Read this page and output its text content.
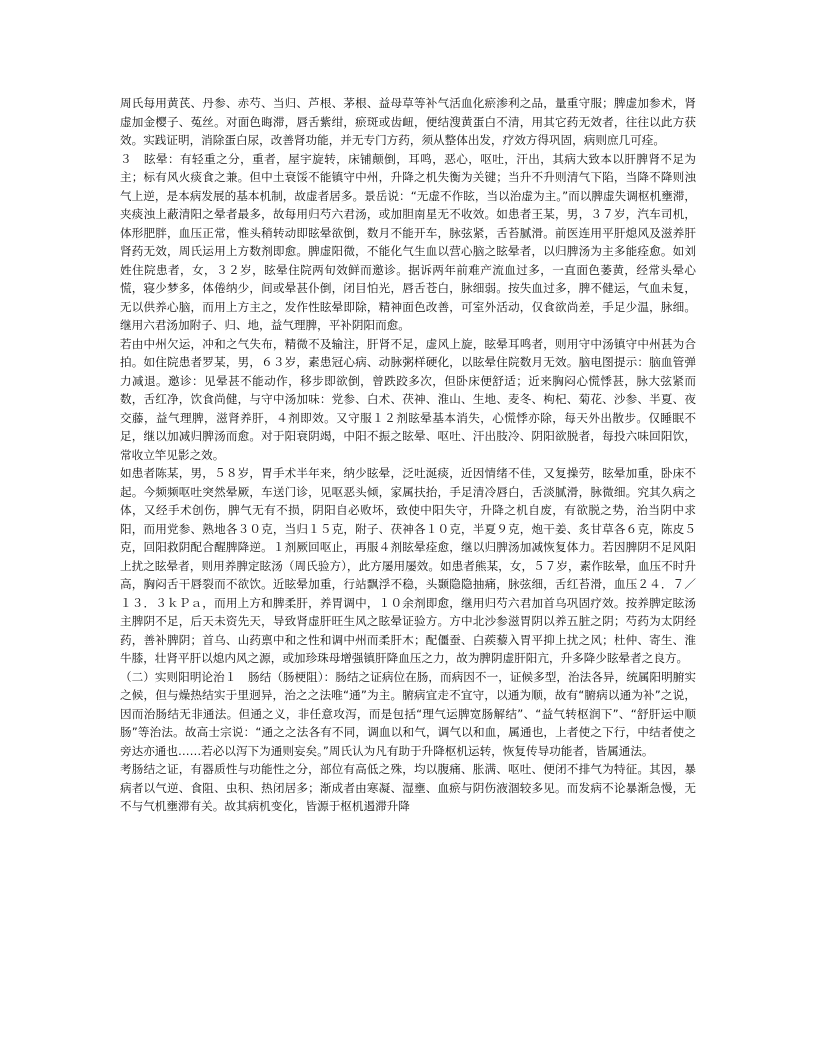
周氏每用黄芪、丹参、赤芍、当归、芦根、茅根、益母草等补气活血化瘀渗利之品，量重守服；脾虚加参术，肾虚加金樱子、菟丝。对面色晦滞，唇舌紫绀，瘀斑或齿衄，便结溲黄蛋白不清，用其它药无效者，往往以此方获效。实践证明，消除蛋白尿，改善肾功能，并无专门方药，须从整体出发，疗效方得巩固，病则庶几可痊。

３　眩晕：有轻重之分，重者，屋宇旋转，床铺颠倒，耳鸣，恶心，呕吐，汗出，其病大致本以肝脾肾不足为主；标有风火痰食之兼。但中土衰馁不能镇守中州，升降之机失衡为关键；当升不升则清气下陷，当降不降则浊气上逆，是本病发展的基本机制，故虚者居多。景岳说：“无虚不作眩，当以治虚为主。”而以脾虚失调枢机壅滞，夹痰浊上蔽清阳之晕者最多，故每用归芍六君汤，或加胆南星无不收效。如患者王某，男，３７岁，汽车司机，体形肥胖，血压正常，惟头稍转动即眩晕欲倒，数月不能开车，脉弦紧，舌苔腻滑。前医连用平肝熄风及滋养肝肾药无效，周氏运用上方数剂即愈。脾虚阳微，不能化气生血以营心脑之眩晕者，以归脾汤为主多能痊愈。如刘姓住院患者，女，３２岁，眩晕住院两旬效鲜而邀诊。据诉两年前难产流血过多，一直面色萎黄，经常头晕心慌，寝少梦多，体倦纳少，间或晕甚仆倒，闭目怕光，唇舌苍白，脉细弱。按失血过多，脾不健运，气血未复，无以供养心脑，而用上方主之，发作性眩晕即除，精神面色改善，可室外活动，仅食欲尚差，手足少温，脉细。继用六君汤加附子、归、地，益气理脾，平补阴阳而愈。

若由中州欠运，冲和之气失布，精微不及输注，肝肾不足，虚风上旋，眩晕耳鸣者，则用守中汤镇守中州甚为合拍。如住院患者罗某，男，６３岁，素患冠心病、动脉粥样硬化，以眩晕住院数月无效。脑电图提示：脑血管弹力减退。邀诊：见晕甚不能动作，移步即欲倒，曾跌跤多次，但卧床便舒适；近来胸闷心慌悸甚，脉大弦紧而数，舌红净，饮食尚健，与守中汤加味：党参、白术、茯神、淮山、生地、麦冬、枸杞、菊花、沙参、半夏、夜交藤，益气理脾，滋肾养肝，４剂即效。又守服１２剂眩晕基本消失，心慌悸亦除，每天外出散步。仅睡眠不足，继以加减归脾汤而愈。对于阳衰阴竭，中阳不振之眩晕、呕吐、汗出肢冷、阴阳欲脱者，每投六味回阳饮，常收立竿见影之效。

如患者陈某，男，５８岁，胃手术半年来，纳少眩晕，泛吐涎痰，近因情绪不佳，又复操劳，眩晕加重，卧床不起。今频频呕吐突然晕厥，车送门诊，见呕恶头倾，家属扶抬，手足清冷唇白，舌淡腻滑，脉微细。究其久病之体，又经手术创伤，脾气无有不损，阴阳自必败坏，致使中阳失守，升降之机自废，有欲脱之势，治当阴中求阳，而用党参、熟地各３０克，当归１５克，附子、茯神各１０克，半夏９克，炮干姜、炙甘草各６克，陈皮５克，回阳救阴配合醒脾降逆。１剂厥回呕止，再服４剂眩晕痊愈，继以归脾汤加减恢复体力。若因脾阴不足风阳上扰之眩晕者，则用养脾定眩汤（周氏验方），此方屡用屡效。如患者熊某，女，５７岁，素作眩晕，血压不时升高，胸闷舌干唇裂而不欲饮。近眩晕加重，行站飘浮不稳，头颞隐隐抽痛，脉弦细，舌红苔滑，血压２４．７／１３．３ｋＰａ，而用上方和脾柔肝，养胃调中，１０余剂即愈，继用归芍六君加首乌巩固疗效。按养脾定眩汤主脾阴不足，后天未资先天，导致肾虚肝旺生风之眩晕证验方。方中北沙参滋胃阴以养五脏之阴；芍药为太阴经药，善补脾阴；首乌、山药禀中和之性和调中州而柔肝木；配僵蚕、白蒺藜入胃平抑上扰之风；杜仲、寄生、淮牛膝，壮肾平肝以熄内风之源，或加珍珠母增强镇肝降血压之力，故为脾阴虚肝阳亢，升多降少眩晕者之良方。

（二）实则阳明论治１　肠结（肠梗阻）：肠结之证病位在肠，而病因不一，证候多型，治法各异，统属阳明腑实之候，但与燥热结实于里迥异，治之之法唯“通”为主。腑病宜走不宜守，以通为顺，故有“腑病以通为补”之说，因而治肠结无非通法。但通之义，非任意攻泻，而是包括“理气运脾宽肠解结”、“益气转枢润下”、“舒肝运中顺肠”等治法。故高士宗说：“通之之法各有不同，调血以和气，调气以和血，属通也，上者使之下行，中结者使之旁达亦通也……若必以泻下为通则妄矣。”周氏认为凡有助于升降枢机运转，恢复传导功能者，皆属通法。

考肠结之证，有器质性与功能性之分，部位有高低之殊，均以腹痛、胀满、呕吐、便闭不排气为特征。其因，暴病者以气逆、食阻、虫积、热闭居多；渐成者由寒凝、湿壅、血瘀与阴伤液涸较多见。而发病不论暴渐急慢，无不与气机壅滞有关。故其病机变化，皆源于枢机遏滞升降
